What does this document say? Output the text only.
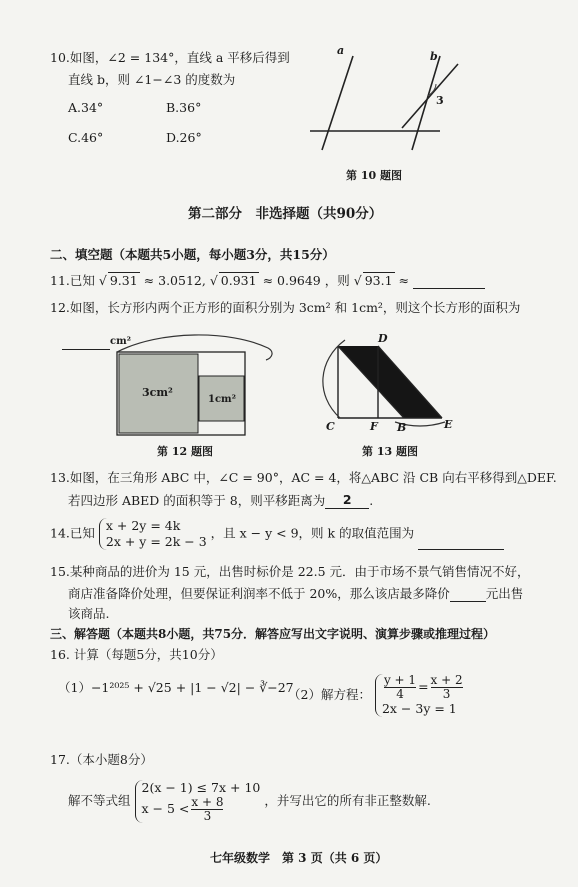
10.如图，∠2 = 134°，直线 a 平移后得到
直线 b，则 ∠1−∠3 的度数为
A.34°	B.36°
C.46°	D.26°
a	b
3
第 10 题图
第二部分　非选择题（共90分）
二、填空题（本题共5小题，每小题3分，共15分）
11.已知 √ 9.31 ≈ 3.0512, √ 0.931 ≈ 0.9649 ，则 √ 93.1 ≈
12.如图，长方形内两个正方形的面积分别为 3cm² 和 1cm²，则这个长方形的面积为
$^{cm^2}$
3cm²
1cm²
第 12 题图
D
C	F B	E
第 13 题图
13.如图，在三角形 ABC 中，∠C = 90°，AC = 4，将△ABC 沿 CB 向右平移得到△DEF.
若四边形 ABED 的面积等于 8，则平移距离为 2 .
14.已知 x + 2y = 4k
2x + y = 2k − 3
，且 x − y < 9，则 k 的取值范围为
15.某种商品的进价为 15 元，出售时标价是 22.5 元．由于市场不景气销售情况不好，
商店准备降价处理，但要保证利润率不低于 20%，那么该店最多降价	元出售
该商品.
三、解答题（本题共8小题，共75分．解答应写出文字说明、演算步骤或推理过程）
16. 计算（每题5分，共10分）
（1）−1²⁰²⁵ + √25 + |1 − √2| − ∛−27
（2）解方程： $\frac{y + 1}{4} = \frac{x + 2}{3}$
2x − 3y = 1
17.（本小题8分）
解不等式组
2(x − 1) ≤ 7x + 10
$x - 5 < \frac{x + 8}{3}$	，并写出它的所有非正整数解.
七年级数学　第 3 页（共 6 页）
